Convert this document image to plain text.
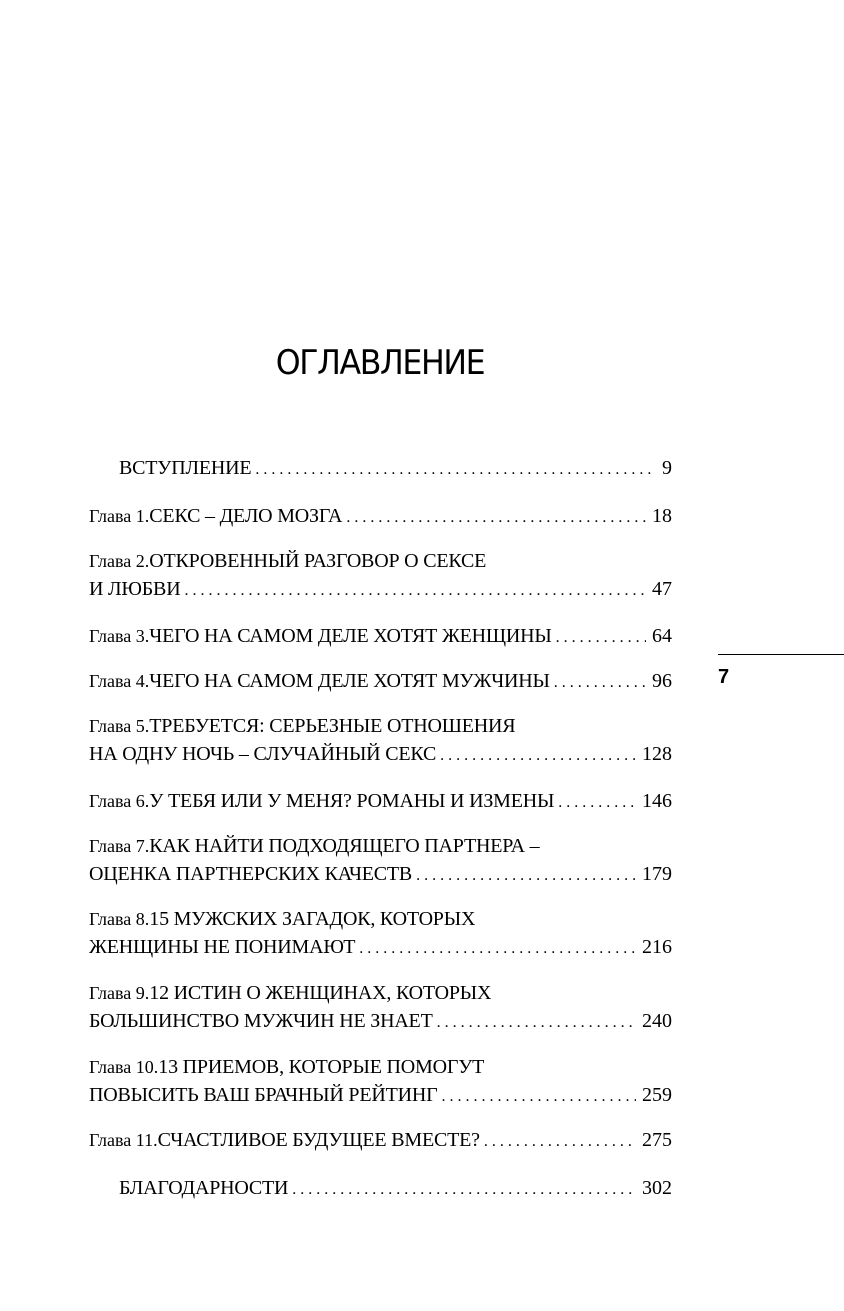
ОГЛАВЛЕНИЕ
ВСТУПЛЕНИЕ . . .	9
Глава 1. СЕКС – ДЕЛО МОЗГА . . .	18
Глава 2. ОТКРОВЕННЫЙ РАЗГОВОР О СЕКСЕ
И ЛЮБВИ . . .	47
Глава 3. ЧЕГО НА САМОМ ДЕЛЕ ХОТЯТ ЖЕНЩИНЫ . . .	64
Глава 4. ЧЕГО НА САМОМ ДЕЛЕ ХОТЯТ МУЖЧИНЫ . . .	96
Глава 5. ТРЕБУЕТСЯ: СЕРЬЕЗНЫЕ ОТНОШЕНИЯ
НА ОДНУ НОЧЬ – СЛУЧАЙНЫЙ СЕКС . . .	128
Глава 6. У ТЕБЯ ИЛИ У МЕНЯ? РОМАНЫ И ИЗМЕНЫ . . .	146
Глава 7. КАК НАЙТИ ПОДХОДЯЩЕГО ПАРТНЕРА –
ОЦЕНКА ПАРТНЕРСКИХ КАЧЕСТВ . . .	179
Глава 8. 15 МУЖСКИХ ЗАГАДОК, КОТОРЫХ
ЖЕНЩИНЫ НЕ ПОНИМАЮТ . . .	216
Глава 9. 12 ИСТИН О ЖЕНЩИНАХ, КОТОРЫХ
БОЛЬШИНСТВО МУЖЧИН НЕ ЗНАЕТ . . .	240
Глава 10. 13 ПРИЕМОВ, КОТОРЫЕ ПОМОГУТ
ПОВЫСИТЬ ВАШ БРАЧНЫЙ РЕЙТИНГ . . .	259
Глава 11. СЧАСТЛИВОЕ БУДУЩЕЕ ВМЕСТЕ? . . .	275
БЛАГОДАРНОСТИ . . .	302
7
